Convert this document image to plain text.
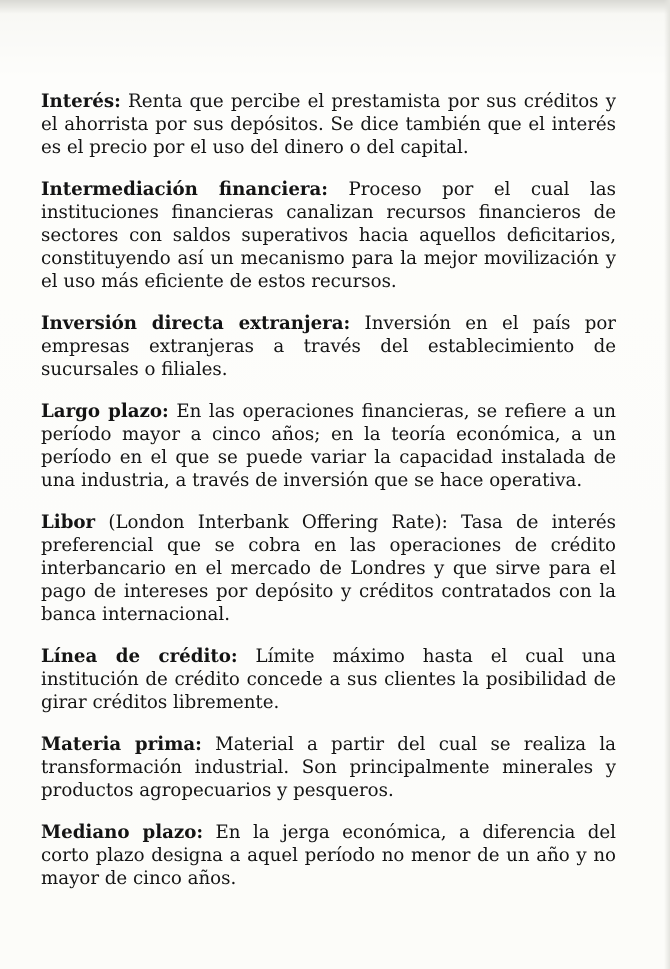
Interés: Renta que percibe el prestamista por sus créditos y el ahorrista por sus depósitos. Se dice también que el interés es el precio por el uso del dinero o del capital.

Intermediación financiera: Proceso por el cual las instituciones financieras canalizan recursos financieros de sectores con saldos superativos hacia aquellos deficitarios, constituyendo así un mecanismo para la mejor movilización y el uso más eficiente de estos recursos.

Inversión directa extranjera: Inversión en el país por empresas extranjeras a través del establecimiento de sucursales o filiales.

Largo plazo: En las operaciones financieras, se refiere a un período mayor a cinco años; en la teoría económica, a un período en el que se puede variar la capacidad instalada de una industria, a través de inversión que se hace operativa.

Libor (London Interbank Offering Rate): Tasa de interés preferencial que se cobra en las operaciones de crédito interbancario en el mercado de Londres y que sirve para el pago de intereses por depósito y créditos contratados con la banca internacional.

Línea de crédito: Límite máximo hasta el cual una institución de crédito concede a sus clientes la posibilidad de girar créditos libremente.

Materia prima: Material a partir del cual se realiza la transformación industrial. Son principalmente minerales y productos agropecuarios y pesqueros.

Mediano plazo: En la jerga económica, a diferencia del corto plazo designa a aquel período no menor de un año y no mayor de cinco años.
